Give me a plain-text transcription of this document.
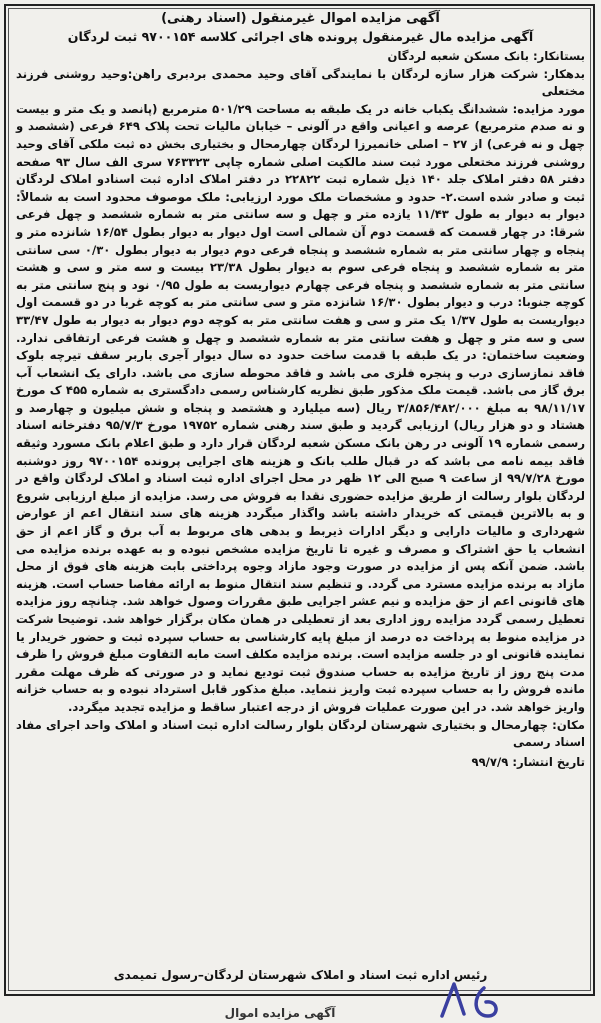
آگهی مزایده اموال غیرمنقول (اسناد رهنی)

آگهی مزایده مال غیرمنقول پرونده های اجرائی کلاسه ۹۷۰۰۱۵۴ ثبت لردگان

بستانکار: بانک مسکن شعبه لردگان

بدهکار: شرکت هزار سازه لردگان با نمایندگی آقای وحید محمدی بردبری راهن:وحید روشنی فرزند مختعلی

مورد مزایده: ششدانگ یکباب خانه در یک طبقه به مساحت ۵۰۱/۲۹ مترمربع (پانصد و یک متر و بیست و نه صدم مترمربع) عرصه و اعیانی واقع در آلونی – خیابان مالیات تحت پلاک ۶۴۹ فرعی (ششصد و چهل و نه فرعی) از ۲۷ – اصلی خانمیرزا لردگان چهارمحال و بختیاری بخش ده ثبت ملکی آقای وحید روشنی فرزند مختعلی مورد ثبت سند مالکیت اصلی شماره چاپی ۷۶۳۳۲۳ سری الف سال ۹۳ صفحه دفتر ۵۸ دفتر املاک جلد ۱۴۰ ذیل شماره ثبت ۲۲۸۲۲ در دفتر املاک اداره ثبت اسنادو املاک لردگان ثبت و صادر شده است.۲- حدود و مشخصات ملک مورد ارزیابی: ملک موصوف محدود است به شمالاً: دیوار به دیوار به طول ۱۱/۴۳ یازده متر و چهل و سه سانتی متر به شماره ششصد و چهل فرعی شرقا: در چهار قسمت که قسمت دوم آن شمالی است اول دیوار به دیوار بطول ۱۶/۵۴ شانزده متر و پنجاه و چهار سانتی متر به شماره ششصد و پنجاه فرعی دوم دیوار به دیوار بطول ۰/۳۰ سی سانتی متر به شماره ششصد و پنجاه فرعی سوم به دیوار بطول ۲۳/۳۸ بیست و سه متر و سی و هشت سانتی متر به شماره ششصد و پنجاه فرعی چهارم دیواریست به طول ۰/۹۵ نود و پنج سانتی متر به کوچه جنوبا: درب و دیوار بطول ۱۶/۳۰ شانزده متر و سی سانتی متر به کوچه غربا در دو قسمت اول دیواریست به طول ۱/۳۷ یک متر و سی و هفت سانتی متر به کوچه دوم دیوار به دیوار به طول ۳۳/۴۷ سی و سه متر و چهل و هفت سانتی متر به شماره ششصد و چهل و هشت فرعی ارتفاقی ندارد. وضعیت ساختمان: در یک طبقه با قدمت ساخت حدود ده سال دیوار آجری باربر سقف تیرچه بلوک فاقد نمازسازی درب و پنجره فلزی می باشد و فاقد محوطه سازی می باشد. دارای یک انشعاب آب برق گاز می باشد. قیمت ملک مذکور طبق نظریه کارشناس رسمی دادگستری به شماره ۴۵۵ ک مورخ ۹۸/۱۱/۱۷ به مبلغ ۳/۸۵۶/۴۸۲/۰۰۰ ریال (سه میلیارد و هشتصد و پنجاه و شش میلیون و چهارصد و هشتاد و دو هزار ریال) ارزیابی گردید و طبق سند رهنی شماره ۱۹۷۵۲ مورخ ۹۵/۷/۳ دفترخانه اسناد رسمی شماره ۱۹ آلونی در رهن بانک مسکن شعبه لردگان قرار دارد و طبق اعلام بانک مسورد وثیقه فاقد بیمه نامه می باشد که در قبال طلب بانک و هزینه های اجرایی پرونده ۹۷۰۰۱۵۴ روز دوشنبه مورخ ۹۹/۷/۲۸ از ساعت ۹ صبح الی ۱۲ ظهر در محل اجرای اداره ثبت اسناد و املاک لردگان واقع در لردگان بلوار رسالت از طریق مزایده حضوری نقدا به فروش می رسد. مزایده از مبلغ ارزیابی شروع و به بالاترین قیمتی که خریدار داشته باشد واگذار میگردد هزینه های سند انتقال اعم از عوارض شهرداری و مالیات دارایی و دیگر ادارات ذیربط و بدهی های مربوط به آب برق و گاز اعم از حق انشعاب یا حق اشتراک و مصرف و غیره تا تاریخ مزایده مشخص نبوده و به عهده برنده مزایده می باشد. ضمن آنکه پس از مزایده در صورت وجود مازاد وجوه پرداختی بابت هزینه های فوق از محل مازاد به برنده مزایده مسترد می گردد. و تنظیم سند انتقال منوط به ارائه مفاصا حساب است. هزینه های قانونی اعم از حق مزایده و نیم عشر اجرایی طبق مقررات وصول خواهد شد. چنانچه روز مزایده تعطیل رسمی گردد مزایده روز اداری بعد از تعطیلی در همان مکان برگزار خواهد شد. توضیحا شرکت در مزایده منوط به پرداخت ده درصد از مبلغ پایه کارشناسی به حساب سپرده ثبت و حضور خریدار یا نماینده قانونی او در جلسه مزایده است. برنده مزایده مکلف است مابه التفاوت مبلغ فروش را ظرف مدت پنج روز از تاریخ مزایده به حساب صندوق ثبت تودیع نماید و در صورتی که ظرف مهلت مقرر مانده فروش را به حساب سپرده ثبت واریز ننماید. مبلغ مذکور قابل استرداد نبوده و به حساب خزانه واریز خواهد شد. در این صورت عملیات فروش از درجه اعتبار ساقط و مزایده تجدید میگردد.

مکان: چهارمحال و بختیاری شهرستان لردگان بلوار رسالت اداره ثبت اسناد و املاک واحد اجرای مفاد اسناد رسمی

تاریخ انتشار: ۹۹/۷/۹

رئیس اداره ثبت اسناد و املاک شهرستان لردگان–رسول تمیمدی
آگهی مزایده اموال
